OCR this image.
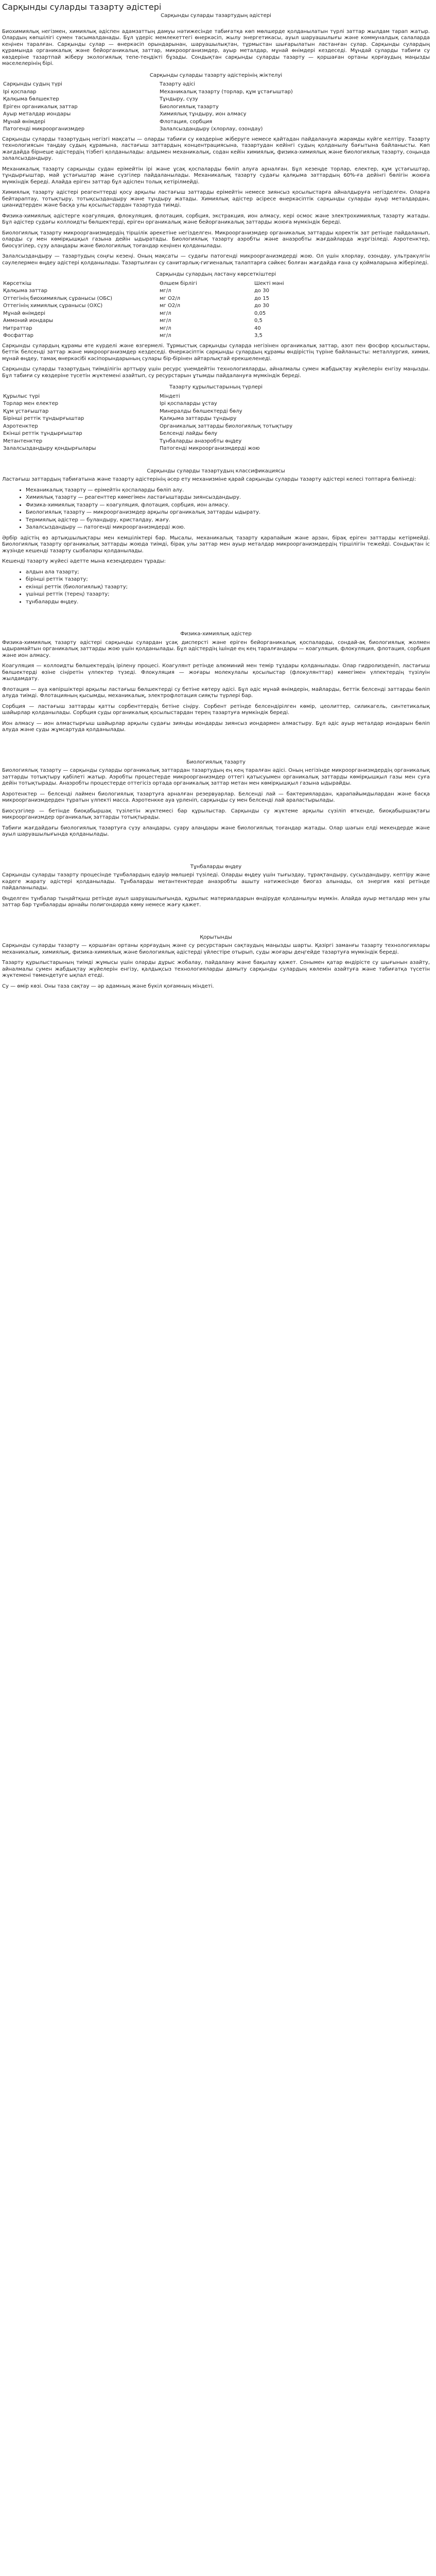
Сарқынды суларды тазарту әдістері
Сарқынды суларды тазартудың әдістері

Биохимиялық негізмен, химиялық әдіспен адамзаттың дамуы нәтижесінде табиғатқа көп мөлшерде қолданылатын түрлі заттар жылдам тарап жатыр. Олардың көпшілігі сумен тасымалданады. Бұл үдеріс мемлекеттегі өнеркәсіп, жылу энергетикасы, ауыл шаруашылығы және коммуналдық салаларда кеңінен таралған. Сарқынды сулар — өнеркәсіп орындарынан, шаруашылықтан, тұрмыстан шығарылатын ластанған сулар. Сарқынды сулардың құрамында органикалық және бейорганикалық заттар, микроорганизмдер, ауыр металдар, мұнай өнімдері кездеседі. Мұндай суларды табиғи су көздеріне тазартпай жіберу экологиялық тепе-теңдікті бұзады. Сондықтан сарқынды суларды тазарту — қоршаған ортаны қорғаудың маңызды мәселелерінің бірі.

Сарқынды суларды тазарту әдістерінің жіктелуі
Сарқынды судың түрі	Тазарту әдісі
Ірі қоспалар	Механикалық тазарту (торлар, құм ұстағыштар)
Қалқыма бөлшектер	Тұндыру, сүзу
Еріген органикалық заттар	Биологиялық тазарту
Ауыр металдар иондары	Химиялық тұндыру, ион алмасу
Мұнай өнімдері	Флотация, сорбция
Патогенді микроорганизмдер	Залалсыздандыру (хлорлау, озондау)

Сарқынды суларды тазартудың негізгі мақсаты — оларды табиғи су көздеріне жіберуге немесе қайтадан пайдалануға жарамды күйге келтіру. Тазарту технологиясын таңдау судың құрамына, ластағыш заттардың концентрациясына, тазартудан кейінгі судың қолданылу бағытына байланысты. Көп жағдайда бірнеше әдістердің тізбегі қолданылады: алдымен механикалық, содан кейін химиялық, физика-химиялық және биологиялық тазарту, соңында залалсыздандыру.

Механикалық тазарту сарқынды судан ерімейтін ірі және ұсақ қоспаларды бөліп алуға арналған. Бұл кезеңде торлар, електер, құм ұстағыштар, тұндырғыштар, май ұстағыштар және сүзгілер пайдаланылады. Механикалық тазарту судағы қалқыма заттардың 60%-ға дейінгі бөлігін жоюға мүмкіндік береді. Алайда еріген заттар бұл әдіспен толық кетірілмейді.

Химиялық тазарту әдістері реагенттерді қосу арқылы ластағыш заттарды ерімейтін немесе зиянсыз қосылыстарға айналдыруға негізделген. Оларға бейтараптау, тотықтыру, тотықсыздандыру және тұндыру жатады. Химиялық әдістер әсіресе өнеркәсіптік сарқынды суларды ауыр металдардан, цианидтерден және басқа улы қосылыстардан тазартуда тиімді.

Физика-химиялық әдістерге коагуляция, флокуляция, флотация, сорбция, экстракция, ион алмасу, кері осмос және электрохимиялық тазарту жатады. Бұл әдістер судағы коллоидты бөлшектерді, еріген органикалық және бейорганикалық заттарды жоюға мүмкіндік береді.

Биологиялық тазарту микроорганизмдердің тіршілік әрекетіне негізделген. Микроорганизмдер органикалық заттарды қоректік зат ретінде пайдаланып, оларды су мен көмірқышқыл газына дейін ыдыратады. Биологиялық тазарту аэробты және анаэробты жағдайларда жүргізіледі. Аэротенктер, биосүзгілер, сүзу алаңдары және биологиялық тоғандар кеңінен қолданылады.

Залалсыздандыру — тазартудың соңғы кезеңі. Оның мақсаты — судағы патогенді микроорганизмдерді жою. Ол үшін хлорлау, озондау, ультракүлгін сәулелермен өңдеу әдістері қолданылады. Тазартылған су санитарлық-гигиеналық талаптарға сәйкес болған жағдайда ғана су қоймаларына жіберіледі.

Сарқынды сулардың ластану көрсеткіштері
Көрсеткіш	Өлшем бірлігі	Шекті мәні
Қалқыма заттар	мг/л	до 30
Оттегінің биохимиялық сұранысы (ОБС)	мг О2/л	до 15
Оттегінің химиялық сұранысы (ОХС)	мг О2/л	до 30
Мұнай өнімдері	мг/л	0,05
Аммоний иондары	мг/л	0,5
Нитраттар	мг/л	40
Фосфаттар	мг/л	3,5

Сарқынды сулардың құрамы өте күрделі және өзгермелі. Тұрмыстық сарқынды суларда негізінен органикалық заттар, азот пен фосфор қосылыстары, беттік белсенді заттар және микроорганизмдер кездеседі. Өнеркәсіптік сарқынды сулардың құрамы өндірістің түріне байланысты: металлургия, химия, мұнай өңдеу, тамақ өнеркәсібі кәсіпорындарының сулары бір-бірінен айтарлықтай ерекшеленеді.

Сарқынды суларды тазартудың тиімділігін арттыру үшін ресурс үнемдейтін технологияларды, айналмалы сумен жабдықтау жүйелерін енгізу маңызды. Бұл табиғи су көздеріне түсетін жүктемені азайтып, су ресурстарын ұтымды пайдалануға мүмкіндік береді.

Тазарту құрылыстарының түрлері
Құрылыс түрі	Міндеті
Торлар мен електер	Ірі қоспаларды ұстау
Құм ұстағыштар	Минералды бөлшектерді бөлу
Бірінші реттік тұндырғыштар	Қалқыма заттарды тұндыру
Аэротенктер	Органикалық заттарды биологиялық тотықтыру
Екінші реттік тұндырғыштар	Белсенді лайды бөлу
Метантенктер	Тұнбаларды анаэробты өңдеу
Залалсыздандыру қондырғылары	Патогенді микроорганизмдерді жою
Сарқынды суларды тазартудың классификациясы

Ластағыш заттардың табиғатына және тазарту әдістерінің әсер ету механизміне қарай сарқынды суларды тазарту әдістері келесі топтарға бөлінеді:

• Механикалық тазарту — ерімейтін қоспаларды бөліп алу.
• Химиялық тазарту — реагенттер көмегімен ластағыштарды зиянсыздандыру.
• Физика-химиялық тазарту — коагуляция, флотация, сорбция, ион алмасу.
• Биологиялық тазарту — микроорганизмдер арқылы органикалық заттарды ыдырату.
• Термиялық әдістер — буландыру, кристалдау, жағу.
• Залалсыздандыру — патогенді микроорганизмдерді жою.

Әрбір әдістің өз артықшылықтары мен кемшіліктері бар. Мысалы, механикалық тазарту қарапайым және арзан, бірақ еріген заттарды кетірмейді. Биологиялық тазарту органикалық заттарды жоюда тиімді, бірақ улы заттар мен ауыр металдар микроорганизмдердің тіршілігін тежейді. Сондықтан іс жүзінде кешенді тазарту сызбалары қолданылады.

Кешенді тазарту жүйесі әдетте мына кезеңдерден тұрады:

• алдын ала тазарту;
• бірінші реттік тазарту;
• екінші реттік (биологиялық) тазарту;
• үшінші реттік (терең) тазарту;
• тұнбаларды өңдеу.
Физика-химиялық әдістер

Физика-химиялық тазарту әдістері сарқынды сулардан ұсақ дисперсті және еріген бейорганикалық қоспаларды, сондай-ақ биологиялық жолмен ыдырамайтын органикалық заттарды жою үшін қолданылады. Бұл әдістердің ішінде ең кең таралғандары — коагуляция, флокуляция, флотация, сорбция және ион алмасу.

Коагуляция — коллоидты бөлшектердің ірілену процесі. Коагулянт ретінде алюминий мен темір тұздары қолданылады. Олар гидролизденіп, ластағыш бөлшектерді өзіне сіңіретін үлпектер түзеді. Флокуляция — жоғары молекулалы қосылыстар (флокулянттар) көмегімен үлпектердің түзілуін жылдамдату.

Флотация — ауа көпіршіктері арқылы ластағыш бөлшектерді су бетіне көтеру әдісі. Бұл әдіс мұнай өнімдерін, майларды, беттік белсенді заттарды бөліп алуда тиімді. Флотацияның қысымды, механикалық, электрофлотация сияқты түрлері бар.

Сорбция — ластағыш заттарды қатты сорбенттердің бетіне сіңіру. Сорбент ретінде белсендірілген көмір, цеолиттер, силикагель, синтетикалық шайырлар қолданылады. Сорбция суды органикалық қосылыстардан терең тазартуға мүмкіндік береді.

Ион алмасу — ион алмастырғыш шайырлар арқылы судағы зиянды иондарды зиянсыз иондармен алмастыру. Бұл әдіс ауыр металдар иондарын бөліп алуда және суды жұмсартуда қолданылады.

Биологиялық тазарту

Биологиялық тазарту — сарқынды суларды органикалық заттардан тазартудың ең кең таралған әдісі. Оның негізінде микроорганизмдердің органикалық заттарды тотықтыру қабілеті жатыр. Аэробты процестерде микроорганизмдер оттегі қатысуымен органикалық заттарды көмірқышқыл газы мен суға дейін тотықтырады. Анаэробты процестерде оттегісіз ортада органикалық заттар метан мен көмірқышқыл газына ыдырайды.

Аэротенктер — белсенді лаймен биологиялық тазартуға арналған резервуарлар. Белсенді лай — бактериялардан, қарапайымдылардан және басқа микроорганизмдерден тұратын үлпекті масса. Аэротенкке ауа үрленіп, сарқынды су мен белсенді лай араластырылады.

Биосүзгілер — бетінде биоқабыршақ түзілетін жүктемесі бар құрылыстар. Сарқынды су жүктеме арқылы сүзіліп өткенде, биоқабыршақтағы микроорганизмдер органикалық заттарды тотықтырады.

Табиғи жағдайдағы биологиялық тазартуға сүзу алаңдары, суару алаңдары және биологиялық тоғандар жатады. Олар шағын елді мекендерде және ауыл шаруашылығында қолданылады.

Тұнбаларды өңдеу

Сарқынды суларды тазарту процесінде тұнбалардың едәуір мөлшері түзіледі. Оларды өңдеу үшін тығыздау, тұрақтандыру, сусыздандыру, кептіру және кәдеге жарату әдістері қолданылады. Тұнбаларды метантенктерде анаэробты ашыту нәтижесінде биогаз алынады, ол энергия көзі ретінде пайдаланылады.

Өңделген тұнбалар тыңайтқыш ретінде ауыл шаруашылығында, құрылыс материалдарын өндіруде қолданылуы мүмкін. Алайда ауыр металдар мен улы заттар бар тұнбаларды арнайы полигондарда көму немесе жағу қажет.

Қорытынды

Сарқынды суларды тазарту — қоршаған ортаны қорғаудың және су ресурстарын сақтаудың маңызды шарты. Қазіргі заманғы тазарту технологиялары механикалық, химиялық, физика-химиялық және биологиялық әдістерді үйлестіре отырып, суды жоғары деңгейде тазартуға мүмкіндік береді.

Тазарту құрылыстарының тиімді жұмысы үшін оларды дұрыс жобалау, пайдалану және бақылау қажет. Сонымен қатар өндірісте су шығынын азайту, айналмалы сумен жабдықтау жүйелерін енгізу, қалдықсыз технологияларды дамыту сарқынды сулардың көлемін азайтуға және табиғатқа түсетін жүктемені төмендетуге ықпал етеді.

Су — өмір көзі. Оны таза сақтау — әр адамның және бүкіл қоғамның міндеті.
